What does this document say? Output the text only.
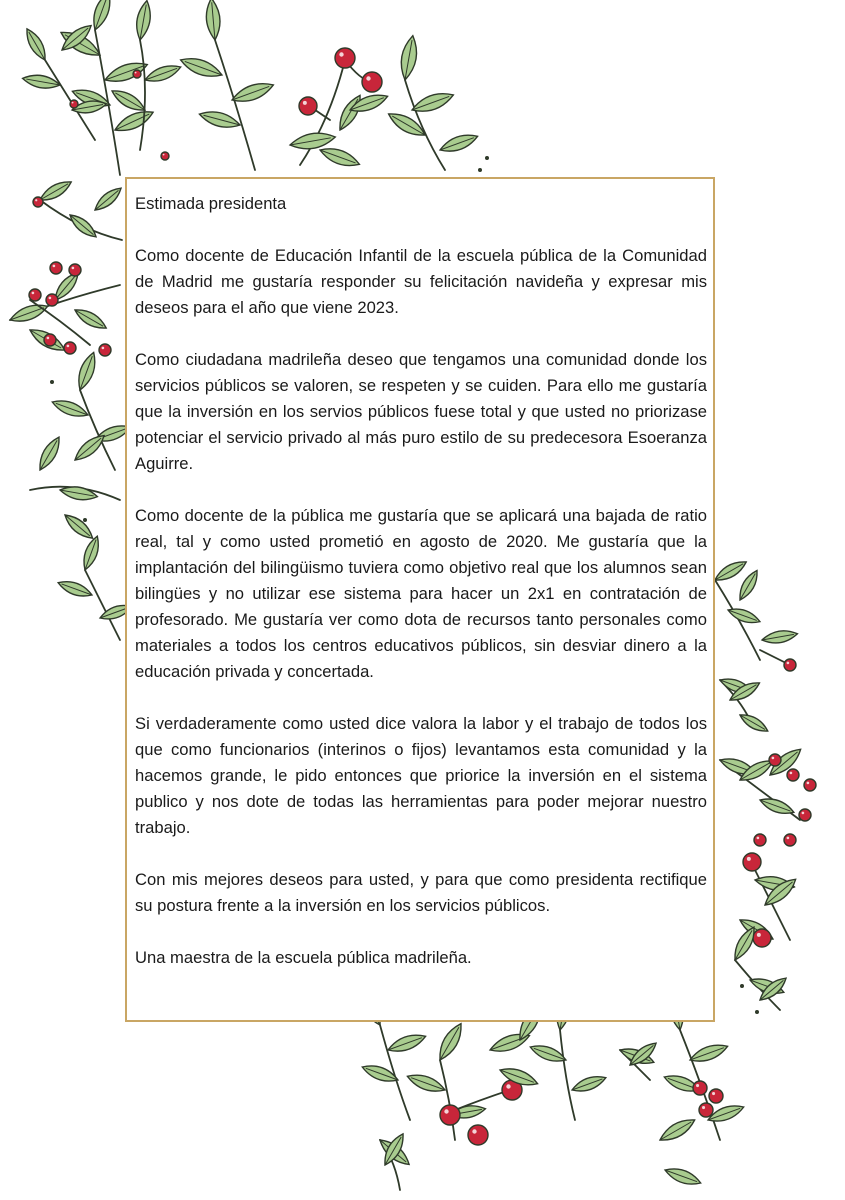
Estimada presidenta

Como docente de Educación Infantil de la escuela pública de la Comunidad de Madrid me gustaría responder su felicitación navideña y expresar mis deseos para el año que viene 2023.

Como ciudadana madrileña deseo que tengamos una comunidad donde los servicios públicos se valoren, se respeten y se cuiden. Para ello me gustaría que la inversión en los servios públicos fuese total y que usted no priorizase potenciar el servicio privado al más puro estilo de su predecesora Esoeranza Aguirre.

Como docente de la pública me gustaría que se aplicará una bajada de ratio real, tal y como usted prometió en agosto de 2020. Me gustaría que la implantación del bilingüismo tuviera como objetivo real que los alumnos sean bilingües y no utilizar ese sistema para hacer un 2x1 en contratación de profesorado. Me gustaría ver como dota de recursos tanto personales como materiales a todos los centros educativos públicos, sin desviar dinero a la educación privada y concertada.

Si verdaderamente como usted dice valora la labor y el trabajo de todos los que como funcionarios (interinos o fijos) levantamos esta comunidad y la hacemos grande, le pido entonces que priorice la inversión en el sistema publico y nos dote de todas las herramientas para poder mejorar nuestro trabajo.

Con mis mejores deseos para usted, y para que como presidenta rectifique su postura frente a la inversión en los servicios públicos.

Una maestra de la escuela pública madrileña.
